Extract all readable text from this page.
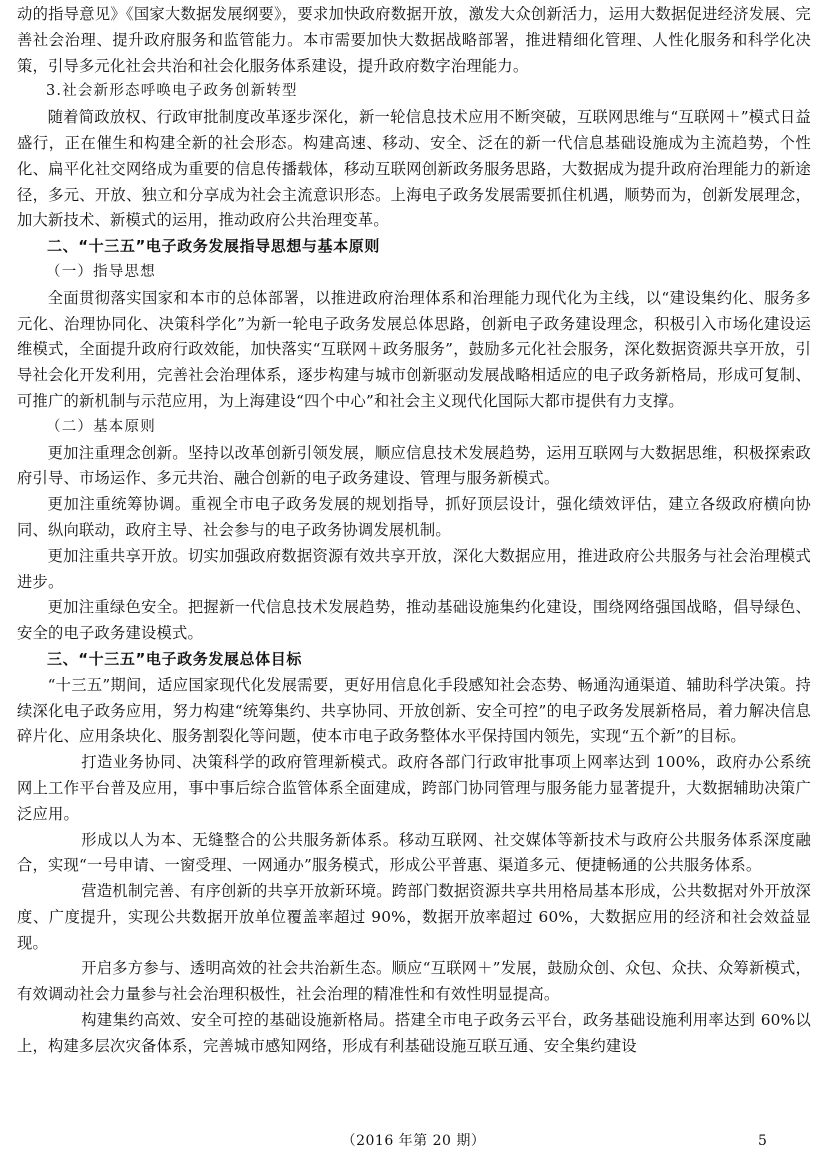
动的指导意见》《国家大数据发展纲要》，要求加快政府数据开放，激发大众创新活力，运用大数据促进经济发展、完善社会治理、提升政府服务和监管能力。本市需要加快大数据战略部署，推进精细化管理、人性化服务和科学化决策，引导多元化社会共治和社会化服务体系建设，提升政府数字治理能力。

3.社会新形态呼唤电子政务创新转型

随着简政放权、行政审批制度改革逐步深化，新一轮信息技术应用不断突破，互联网思维与“互联网＋”模式日益盛行，正在催生和构建全新的社会形态。构建高速、移动、安全、泛在的新一代信息基础设施成为主流趋势，个性化、扁平化社交网络成为重要的信息传播载体，移动互联网创新政务服务思路，大数据成为提升政府治理能力的新途径，多元、开放、独立和分享成为社会主流意识形态。上海电子政务发展需要抓住机遇，顺势而为，创新发展理念，加大新技术、新模式的运用，推动政府公共治理变革。

二、“十三五”电子政务发展指导思想与基本原则

（一）指导思想

全面贯彻落实国家和本市的总体部署，以推进政府治理体系和治理能力现代化为主线，以“建设集约化、服务多元化、治理协同化、决策科学化”为新一轮电子政务发展总体思路，创新电子政务建设理念，积极引入市场化建设运维模式，全面提升政府行政效能，加快落实“互联网＋政务服务”，鼓励多元化社会服务，深化数据资源共享开放，引导社会化开发利用，完善社会治理体系，逐步构建与城市创新驱动发展战略相适应的电子政务新格局，形成可复制、可推广的新机制与示范应用，为上海建设“四个中心”和社会主义现代化国际大都市提供有力支撑。

（二）基本原则

更加注重理念创新。坚持以改革创新引领发展，顺应信息技术发展趋势，运用互联网与大数据思维，积极探索政府引导、市场运作、多元共治、融合创新的电子政务建设、管理与服务新模式。

更加注重统筹协调。重视全市电子政务发展的规划指导，抓好顶层设计，强化绩效评估，建立各级政府横向协同、纵向联动，政府主导、社会参与的电子政务协调发展机制。

更加注重共享开放。切实加强政府数据资源有效共享开放，深化大数据应用，推进政府公共服务与社会治理模式进步。

更加注重绿色安全。把握新一代信息技术发展趋势，推动基础设施集约化建设，围绕网络强国战略，倡导绿色、安全的电子政务建设模式。

三、“十三五”电子政务发展总体目标

“十三五”期间，适应国家现代化发展需要，更好用信息化手段感知社会态势、畅通沟通渠道、辅助科学决策。持续深化电子政务应用，努力构建“统筹集约、共享协同、开放创新、安全可控”的电子政务发展新格局，着力解决信息碎片化、应用条块化、服务割裂化等问题，使本市电子政务整体水平保持国内领先，实现“五个新”的目标。

打造业务协同、决策科学的政府管理新模式。政府各部门行政审批事项上网率达到 100%，政府办公系统网上工作平台普及应用，事中事后综合监管体系全面建成，跨部门协同管理与服务能力显著提升，大数据辅助决策广泛应用。

形成以人为本、无缝整合的公共服务新体系。移动互联网、社交媒体等新技术与政府公共服务体系深度融合，实现“一号申请、一窗受理、一网通办”服务模式，形成公平普惠、渠道多元、便捷畅通的公共服务体系。

营造机制完善、有序创新的共享开放新环境。跨部门数据资源共享共用格局基本形成，公共数据对外开放深度、广度提升，实现公共数据开放单位覆盖率超过 90%，数据开放率超过 60%，大数据应用的经济和社会效益显现。

开启多方参与、透明高效的社会共治新生态。顺应“互联网＋”发展，鼓励众创、众包、众扶、众筹新模式，有效调动社会力量参与社会治理积极性，社会治理的精准性和有效性明显提高。

构建集约高效、安全可控的基础设施新格局。搭建全市电子政务云平台，政务基础设施利用率达到 60%以上，构建多层次灾备体系，完善城市感知网络，形成有利基础设施互联互通、安全集约建设

（2016 年第 20 期）	5
